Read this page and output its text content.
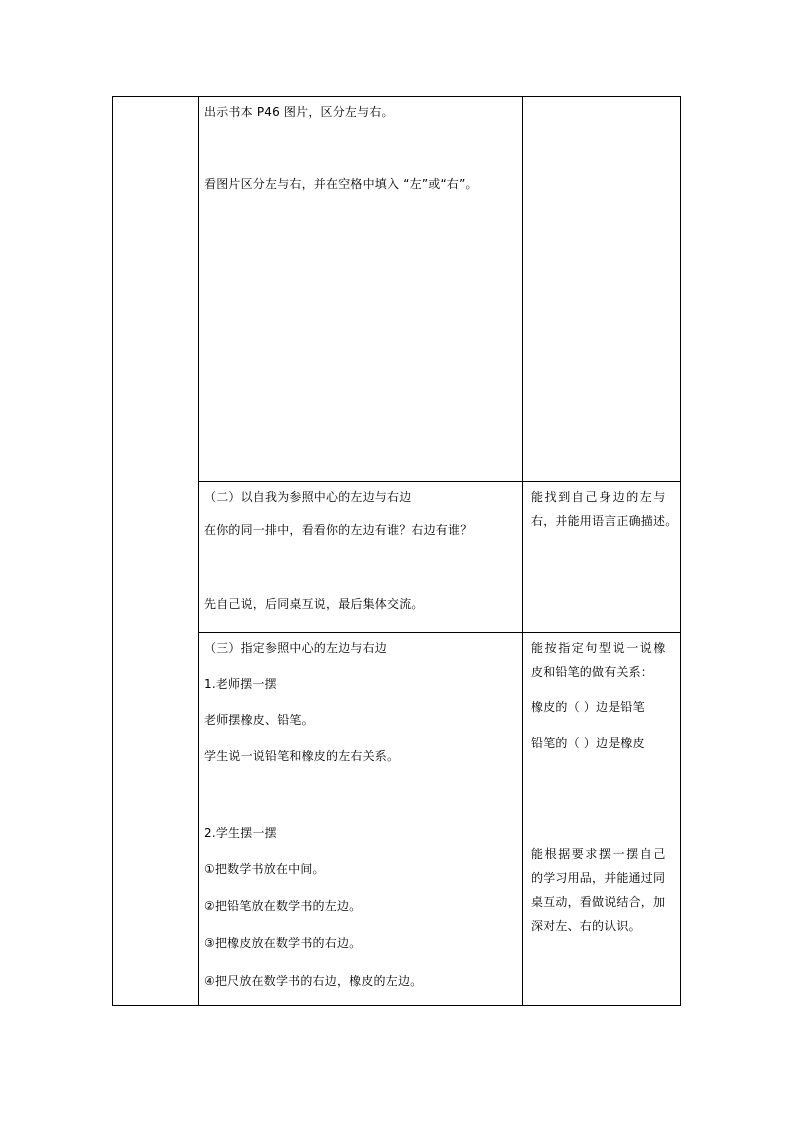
出示书本 P46 图片，区分左与右。
看图片区分左与右，并在空格中填入 “左”或“右”。
（二）以自我为参照中心的左边与右边
在你的同一排中，看看你的左边有谁？右边有谁？
先自己说，后同桌互说，最后集体交流。
能找到自己身边的左与
右，并能用语言正确描述。
（三）指定参照中心的左边与右边
1.老师摆一摆
老师摆橡皮、铅笔。
学生说一说铅笔和橡皮的左右关系。
2.学生摆一摆
①把数学书放在中间。
②把铅笔放在数学书的左边。
③把橡皮放在数学书的右边。
④把尺放在数学书的右边，橡皮的左边。
能按指定句型说一说橡
皮和铅笔的做有关系：
橡皮的（ ）边是铅笔
铅笔的（ ）边是橡皮
能根据要求摆一摆自己
的学习用品，并能通过同
桌互动，看做说结合，加
深对左、右的认识。
